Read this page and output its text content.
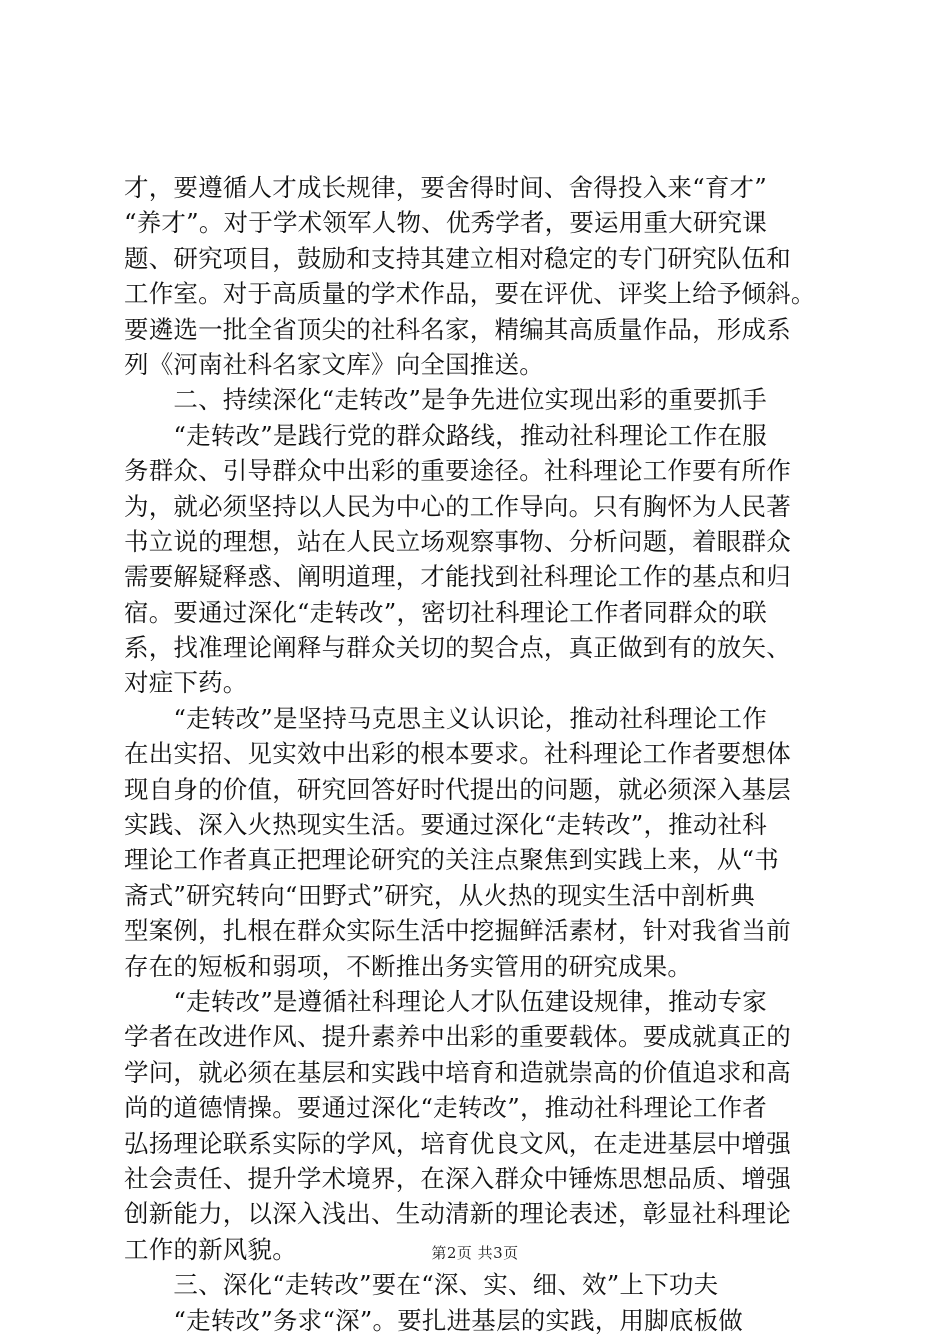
才，要遵循人才成长规律，要舍得时间、舍得投入来“育才”
“养才”。对于学术领军人物、优秀学者，要运用重大研究课
题、研究项目，鼓励和支持其建立相对稳定的专门研究队伍和
工作室。对于高质量的学术作品，要在评优、评奖上给予倾斜。
要遴选一批全省顶尖的社科名家，精编其高质量作品，形成系
列《河南社科名家文库》向全国推送。
　　二、持续深化“走转改”是争先进位实现出彩的重要抓手
　　“走转改”是践行党的群众路线，推动社科理论工作在服
务群众、引导群众中出彩的重要途径。社科理论工作要有所作
为，就必须坚持以人民为中心的工作导向。只有胸怀为人民著
书立说的理想，站在人民立场观察事物、分析问题，着眼群众
需要解疑释惑、阐明道理，才能找到社科理论工作的基点和归
宿。要通过深化“走转改”，密切社科理论工作者同群众的联
系，找准理论阐释与群众关切的契合点，真正做到有的放矢、
对症下药。
　　“走转改”是坚持马克思主义认识论，推动社科理论工作
在出实招、见实效中出彩的根本要求。社科理论工作者要想体
现自身的价值，研究回答好时代提出的问题，就必须深入基层
实践、深入火热现实生活。要通过深化“走转改”，推动社科
理论工作者真正把理论研究的关注点聚焦到实践上来，从“书
斋式”研究转向“田野式”研究，从火热的现实生活中剖析典
型案例，扎根在群众实际生活中挖掘鲜活素材，针对我省当前
存在的短板和弱项，不断推出务实管用的研究成果。
　　“走转改”是遵循社科理论人才队伍建设规律，推动专家
学者在改进作风、提升素养中出彩的重要载体。要成就真正的
学问，就必须在基层和实践中培育和造就崇高的价值追求和高
尚的道德情操。要通过深化“走转改”，推动社科理论工作者
弘扬理论联系实际的学风，培育优良文风，在走进基层中增强
社会责任、提升学术境界，在深入群众中锤炼思想品质、增强
创新能力，以深入浅出、生动清新的理论表述，彰显社科理论
工作的新风貌。
　　三、深化“走转改”要在“深、实、细、效”上下功夫
　　“走转改”务求“深”。要扎进基层的实践，用脚底板做
第2页 共3页
